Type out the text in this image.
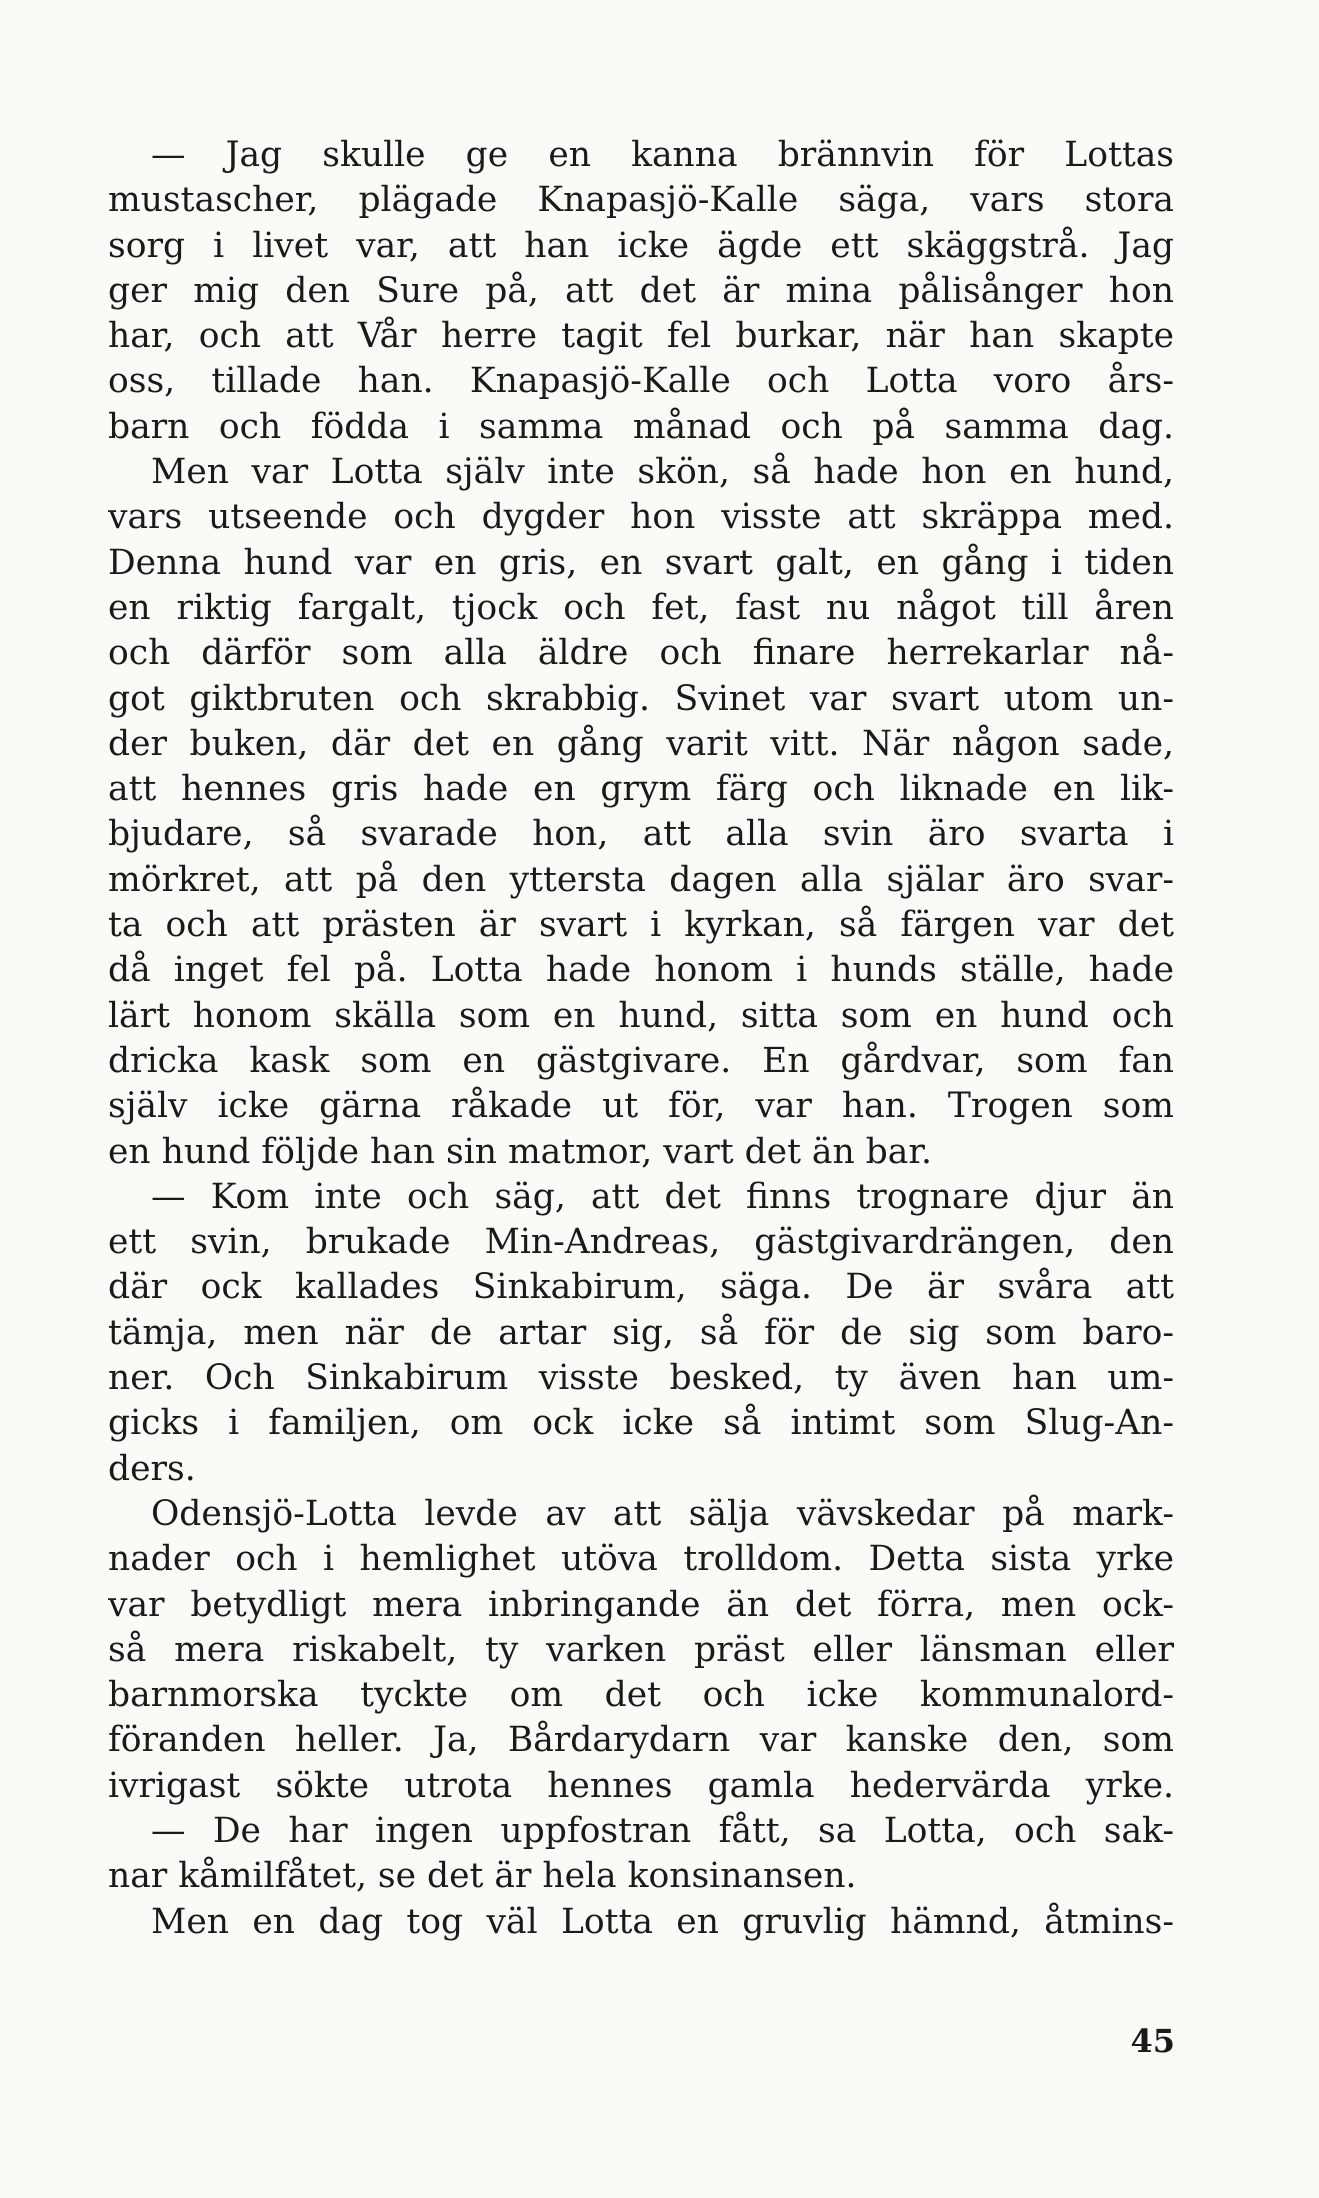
— Jag skulle ge en kanna brännvin för Lottas
mustascher, plägade Knapasjö-Kalle säga, vars stora
sorg i livet var, att han icke ägde ett skäggstrå. Jag
ger mig den Sure på, att det är mina pålisånger hon
har, och att Vår herre tagit fel burkar, när han skapte
oss, tillade han. Knapasjö-Kalle och Lotta voro års-
barn och födda i samma månad och på samma dag.
Men var Lotta själv inte skön, så hade hon en hund,
vars utseende och dygder hon visste att skräppa med.
Denna hund var en gris, en svart galt, en gång i tiden
en riktig fargalt, tjock och fet, fast nu något till åren
och därför som alla äldre och finare herrekarlar nå-
got giktbruten och skrabbig. Svinet var svart utom un-
der buken, där det en gång varit vitt. När någon sade,
att hennes gris hade en grym färg och liknade en lik-
bjudare, så svarade hon, att alla svin äro svarta i
mörkret, att på den yttersta dagen alla själar äro svar-
ta och att prästen är svart i kyrkan, så färgen var det
då inget fel på. Lotta hade honom i hunds ställe, hade
lärt honom skälla som en hund, sitta som en hund och
dricka kask som en gästgivare. En gårdvar, som fan
själv icke gärna råkade ut för, var han. Trogen som
en hund följde han sin matmor, vart det än bar.
— Kom inte och säg, att det finns trognare djur än
ett svin, brukade Min-Andreas, gästgivardrängen, den
där ock kallades Sinkabirum, säga. De är svåra att
tämja, men när de artar sig, så för de sig som baro-
ner. Och Sinkabirum visste besked, ty även han um-
gicks i familjen, om ock icke så intimt som Slug-An-
ders.
Odensjö-Lotta levde av att sälja vävskedar på mark-
nader och i hemlighet utöva trolldom. Detta sista yrke
var betydligt mera inbringande än det förra, men ock-
så mera riskabelt, ty varken präst eller länsman eller
barnmorska tyckte om det och icke kommunalord-
föranden heller. Ja, Bårdarydarn var kanske den, som
ivrigast sökte utrota hennes gamla hedervärda yrke.
— De har ingen uppfostran fått, sa Lotta, och sak-
nar kåmilfåtet, se det är hela konsinansen.
Men en dag tog väl Lotta en gruvlig hämnd, åtmins-
45
